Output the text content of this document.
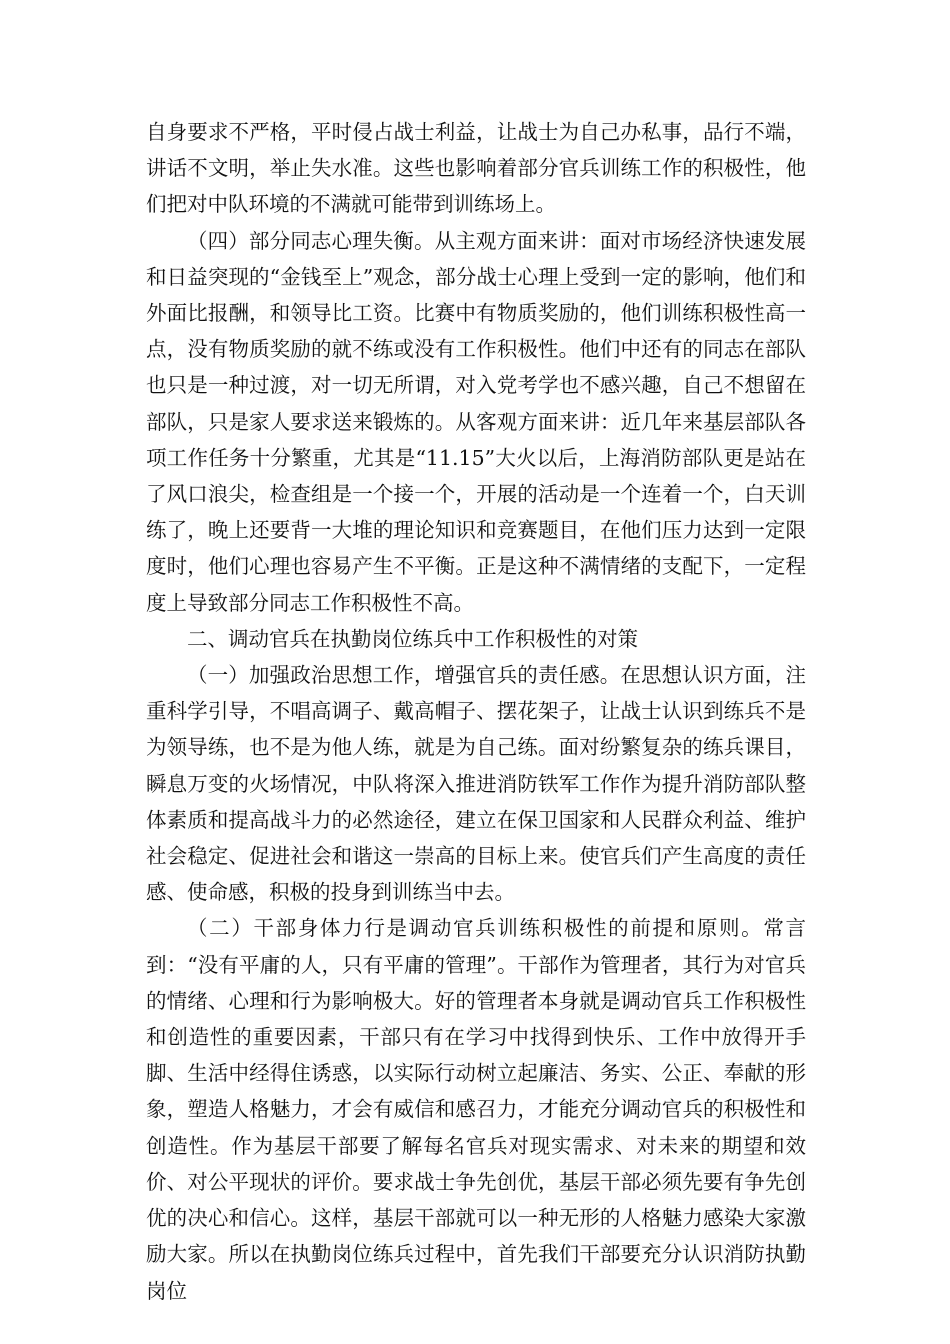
自身要求不严格，平时侵占战士利益，让战士为自己办私事，品行不端，讲话不文明，举止失水准。这些也影响着部分官兵训练工作的积极性，他们把对中队环境的不满就可能带到训练场上。

（四）部分同志心理失衡。从主观方面来讲：面对市场经济快速发展和日益突现的“金钱至上”观念，部分战士心理上受到一定的影响，他们和外面比报酬，和领导比工资。比赛中有物质奖励的，他们训练积极性高一点，没有物质奖励的就不练或没有工作积极性。他们中还有的同志在部队也只是一种过渡，对一切无所谓，对入党考学也不感兴趣，自己不想留在部队，只是家人要求送来锻炼的。从客观方面来讲：近几年来基层部队各项工作任务十分繁重，尤其是“11.15”大火以后，上海消防部队更是站在了风口浪尖，检查组是一个接一个，开展的活动是一个连着一个，白天训练了，晚上还要背一大堆的理论知识和竞赛题目，在他们压力达到一定限度时，他们心理也容易产生不平衡。正是这种不满情绪的支配下，一定程度上导致部分同志工作积极性不高。

二、调动官兵在执勤岗位练兵中工作积极性的对策

（一）加强政治思想工作，增强官兵的责任感。在思想认识方面，注重科学引导，不唱高调子、戴高帽子、摆花架子，让战士认识到练兵不是为领导练，也不是为他人练，就是为自己练。面对纷繁复杂的练兵课目，瞬息万变的火场情况，中队将深入推进消防铁军工作作为提升消防部队整体素质和提高战斗力的必然途径，建立在保卫国家和人民群众利益、维护社会稳定、促进社会和谐这一崇高的目标上来。使官兵们产生高度的责任感、使命感，积极的投身到训练当中去。

（二）干部身体力行是调动官兵训练积极性的前提和原则。常言到：“没有平庸的人，只有平庸的管理”。干部作为管理者，其行为对官兵的情绪、心理和行为影响极大。好的管理者本身就是调动官兵工作积极性和创造性的重要因素，干部只有在学习中找得到快乐、工作中放得开手脚、生活中经得住诱惑，以实际行动树立起廉洁、务实、公正、奉献的形象，塑造人格魅力，才会有威信和感召力，才能充分调动官兵的积极性和创造性。作为基层干部要了解每名官兵对现实需求、对未来的期望和效价、对公平现状的评价。要求战士争先创优，基层干部必须先要有争先创优的决心和信心。这样，基层干部就可以一种无形的人格魅力感染大家激励大家。所以在执勤岗位练兵过程中，首先我们干部要充分认识消防执勤岗位
